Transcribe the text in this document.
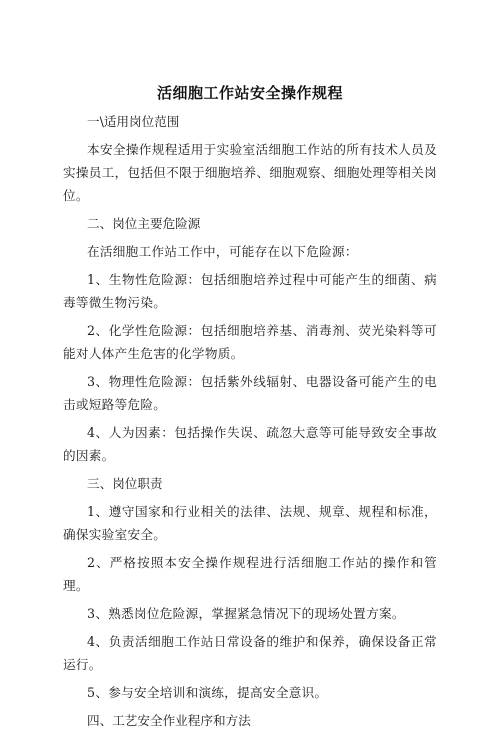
活细胞工作站安全操作规程
一\适用岗位范围

本安全操作规程适用于实验室活细胞工作站的所有技术人员及实操员工，包括但不限于细胞培养、细胞观察、细胞处理等相关岗位。

二、岗位主要危险源

在活细胞工作站工作中，可能存在以下危险源：

1、生物性危险源：包括细胞培养过程中可能产生的细菌、病毒等微生物污染。

2、化学性危险源：包括细胞培养基、消毒剂、荧光染料等可能对人体产生危害的化学物质。

3、物理性危险源：包括紫外线辐射、电器设备可能产生的电击或短路等危险。

4、人为因素：包括操作失误、疏忽大意等可能导致安全事故的因素。

三、岗位职责

1、遵守国家和行业相关的法律、法规、规章、规程和标准，确保实验室安全。

2、严格按照本安全操作规程进行活细胞工作站的操作和管理。

3、熟悉岗位危险源，掌握紧急情况下的现场处置方案。

4、负责活细胞工作站日常设备的维护和保养，确保设备正常运行。

5、参与安全培训和演练，提高安全意识。

四、工艺安全作业程序和方法
